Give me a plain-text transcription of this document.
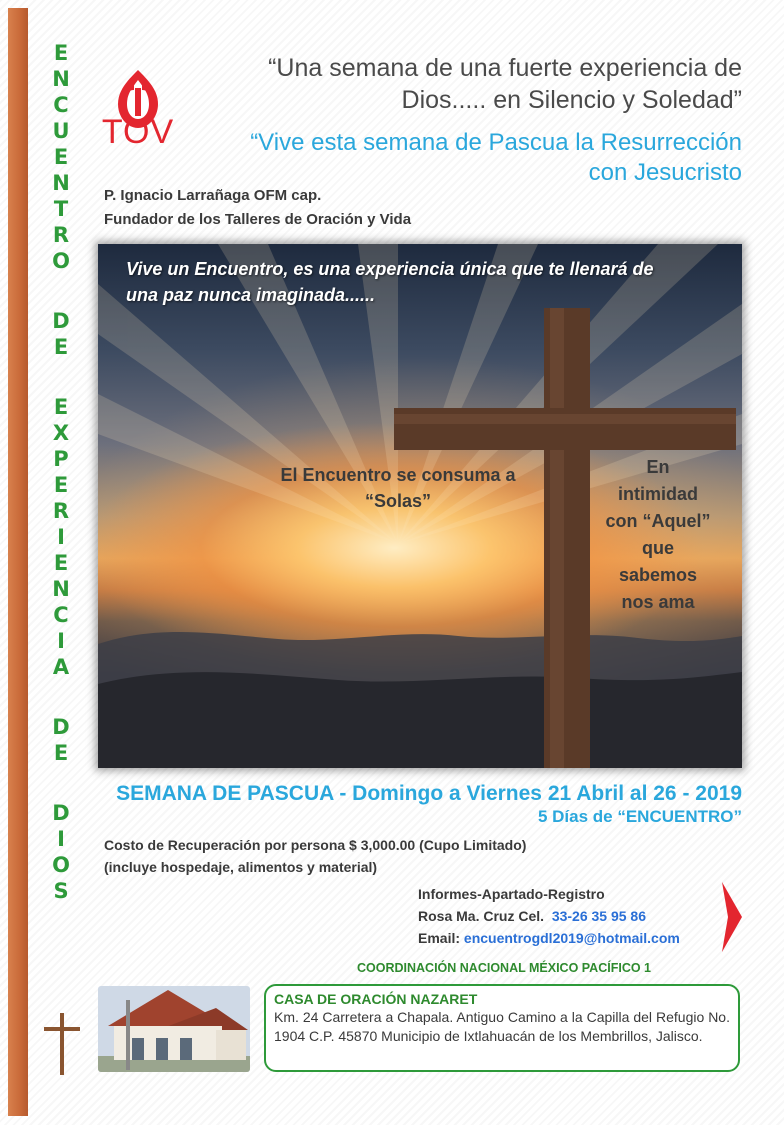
E
N
C
U
E
N
T
R
O
D
E
E
X
P
E
R
I
E
N
C
I
A
D
E
D
I
O
S
TOV
“Una semana de una fuerte experiencia de
Dios..... en Silencio y Soledad”
“Vive esta semana de Pascua la Resurrección
con Jesucristo
P. Ignacio Larrañaga OFM cap.
Fundador de los Talleres de Oración y Vida
Vive un Encuentro, es una experiencia única que te llenará de
una paz nunca imaginada......
El Encuentro se consuma a
“Solas”
En
intimidad
con “Aquel”
que
sabemos
nos ama
SEMANA DE PASCUA - Domingo a Viernes 21 Abril al 26 - 2019
5 Días de “ENCUENTRO”
Costo de Recuperación por persona $ 3,000.00 (Cupo Limitado)
(incluye hospedaje, alimentos y material)
Informes-Apartado-Registro
Rosa Ma. Cruz Cel. 33-26 35 95 86
Email: encuentrogdl2019@hotmail.com
COORDINACIÓN NACIONAL MÉXICO PACÍFICO 1
CASA DE ORACIÓN NAZARET
Km. 24 Carretera a Chapala. Antiguo Camino a la Capilla del Refugio No. 1904 C.P. 45870 Municipio de Ixtlahuacán de los Membrillos, Jalisco.
